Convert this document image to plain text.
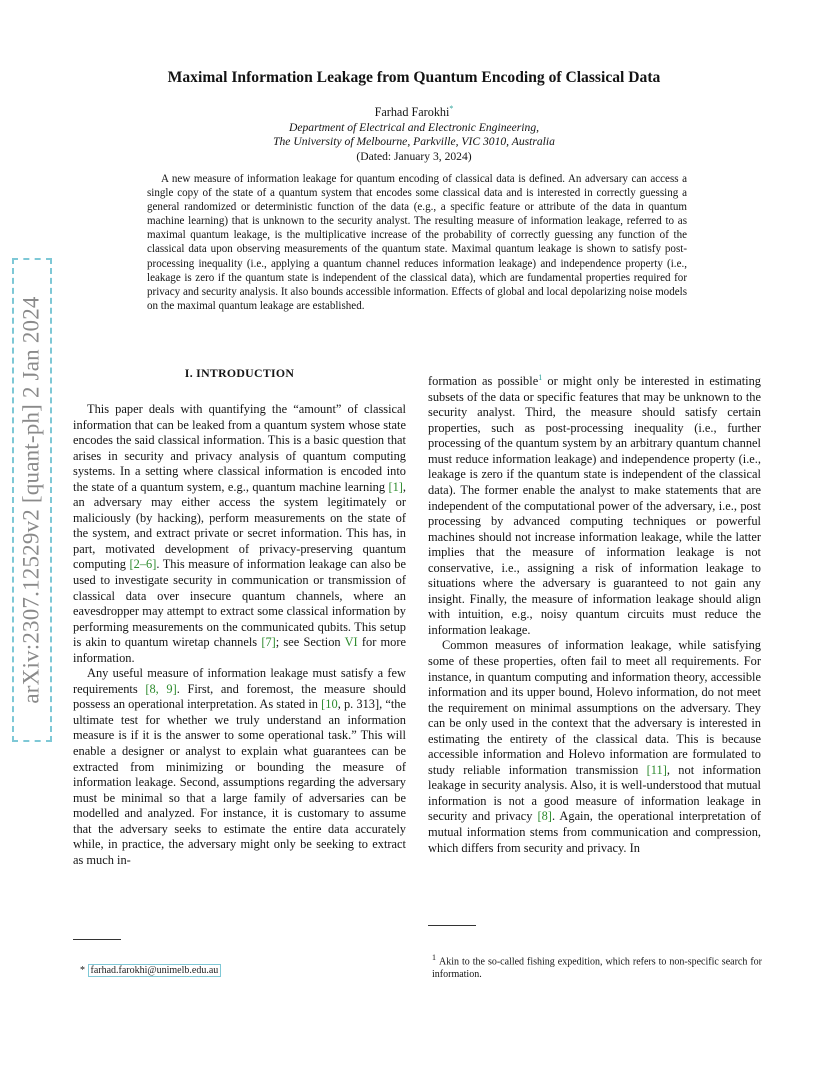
arXiv:2307.12529v2 [quant-ph] 2 Jan 2024
Maximal Information Leakage from Quantum Encoding of Classical Data
Farhad Farokhi*
Department of Electrical and Electronic Engineering,
The University of Melbourne, Parkville, VIC 3010, Australia
(Dated: January 3, 2024)

A new measure of information leakage for quantum encoding of classical data is defined. An adversary can access a single copy of the state of a quantum system that encodes some classical data and is interested in correctly guessing a general randomized or deterministic function of the data (e.g., a specific feature or attribute of the data in quantum machine learning) that is unknown to the security analyst. The resulting measure of information leakage, referred to as maximal quantum leakage, is the multiplicative increase of the probability of correctly guessing any function of the classical data upon observing measurements of the quantum state. Maximal quantum leakage is shown to satisfy post-processing inequality (i.e., applying a quantum channel reduces information leakage) and independence property (i.e., leakage is zero if the quantum state is independent of the classical data), which are fundamental properties required for privacy and security analysis. It also bounds accessible information. Effects of global and local depolarizing noise models on the maximal quantum leakage are established.

I. INTRODUCTION

This paper deals with quantifying the “amount” of classical information that can be leaked from a quantum system whose state encodes the said classical information. This is a basic question that arises in security and privacy analysis of quantum computing systems. In a setting where classical information is encoded into the state of a quantum system, e.g., quantum machine learning [1], an adversary may either access the system legitimately or maliciously (by hacking), perform measurements on the state of the system, and extract private or secret information. This has, in part, motivated development of privacy-preserving quantum computing [2–6]. This measure of information leakage can also be used to investigate security in communication or transmission of classical data over insecure quantum channels, where an eavesdropper may attempt to extract some classical information by performing measurements on the communicated qubits. This setup is akin to quantum wiretap channels [7]; see Section VI for more information.

Any useful measure of information leakage must satisfy a few requirements [8, 9]. First, and foremost, the measure should possess an operational interpretation. As stated in [10, p. 313], “the ultimate test for whether we truly understand an information measure is if it is the answer to some operational task.” This will enable a designer or analyst to explain what guarantees can be extracted from minimizing or bounding the measure of information leakage. Second, assumptions regarding the adversary must be minimal so that a large family of adversaries can be modelled and analyzed. For instance, it is customary to assume that the adversary seeks to estimate the entire data accurately while, in practice, the adversary might only be seeking to extract as much in-

formation as possible$^1$ or might only be interested in estimating subsets of the data or specific features that may be unknown to the security analyst. Third, the measure should satisfy certain properties, such as post-processing inequality (i.e., further processing of the quantum system by an arbitrary quantum channel must reduce information leakage) and independence property (i.e., leakage is zero if the quantum state is independent of the classical data). The former enable the analyst to make statements that are independent of the computational power of the adversary, i.e., post processing by advanced computing techniques or powerful machines should not increase information leakage, while the latter implies that the measure of information leakage is not conservative, i.e., assigning a risk of information leakage to situations where the adversary is guaranteed to not gain any insight. Finally, the measure of information leakage should align with intuition, e.g., noisy quantum circuits must reduce the information leakage.

Common measures of information leakage, while satisfying some of these properties, often fail to meet all requirements. For instance, in quantum computing and information theory, accessible information and its upper bound, Holevo information, do not meet the requirement on minimal assumptions on the adversary. They can be only used in the context that the adversary is interested in estimating the entirety of the classical data. This is because accessible information and Holevo information are formulated to study reliable information transmission [11], not information leakage in security analysis. Also, it is well-understood that mutual information is not a good measure of information leakage in security and privacy [8]. Again, the operational interpretation of mutual information stems from communication and compression, which differs from security and privacy. In

* farhad.farokhi@unimelb.edu.au
$^1$ Akin to the so-called fishing expedition, which refers to non-specific search for information.
